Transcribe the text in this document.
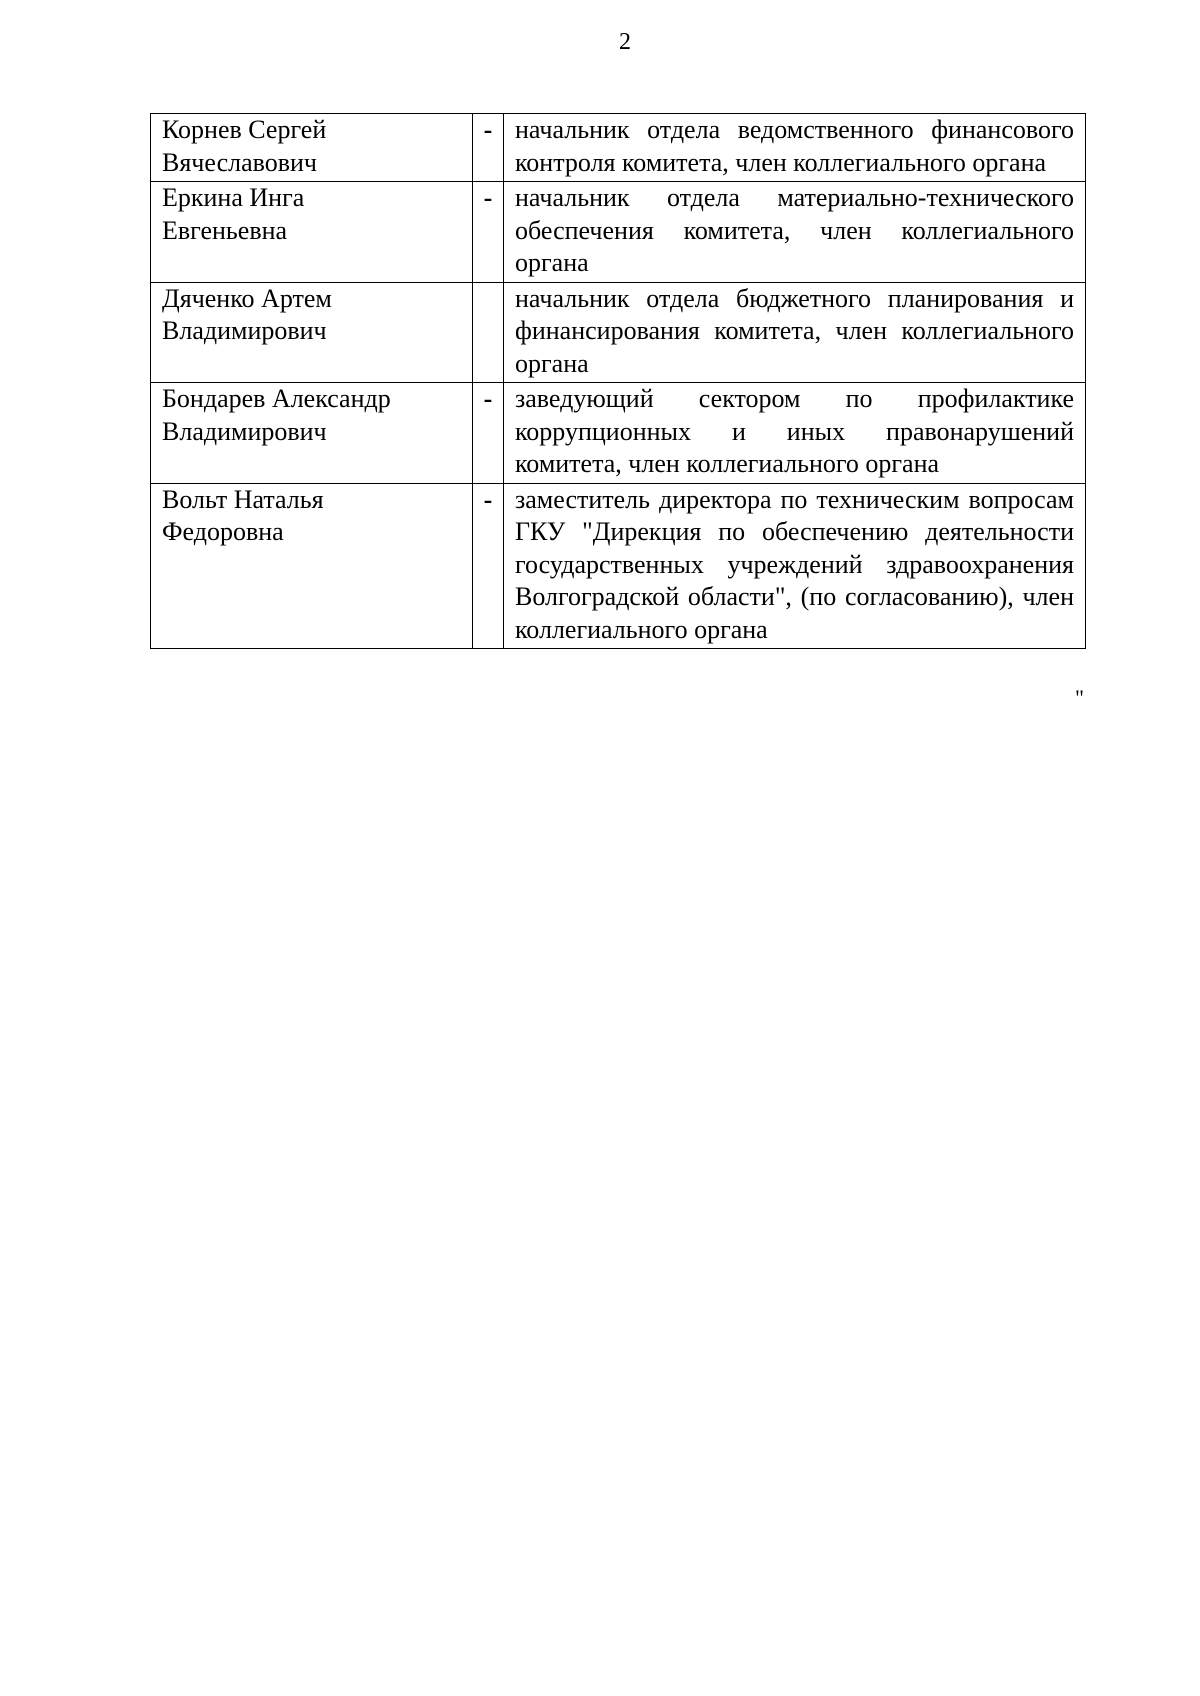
2
Корнев Сергей
Вячеславович	-	начальник отдела ведомственного финансового контроля комитета, член коллегиального органа

Еркина Инга
Евгеньевна	-	начальник отдела материально-технического обеспечения комитета, член коллегиального органа

Дяченко Артем
Владимирович		начальник отдела бюджетного планирования и финансирования комитета, член коллегиального органа

Бондарев Александр
Владимирович	-	заведующий сектором по профилактике коррупционных и иных правонарушений комитета, член коллегиального органа

Вольт Наталья
Федоровна	-	заместитель директора по техническим вопросам ГКУ "Дирекция по обеспечению деятельности государственных учреждений здравоохранения Волгоградской области", (по согласованию), член коллегиального органа
"
